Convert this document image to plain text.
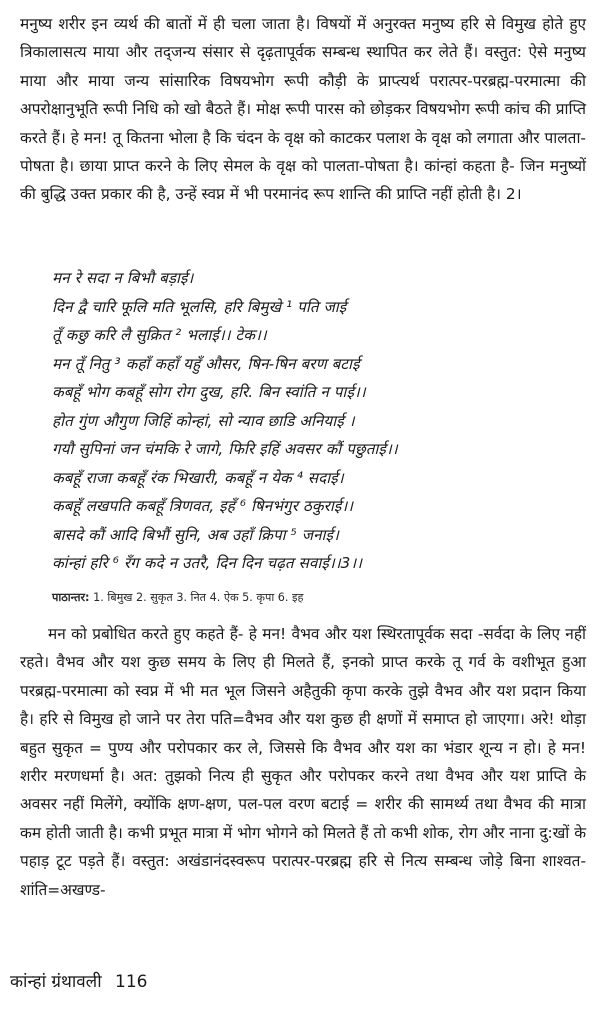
मनुष्य शरीर इन व्यर्थ की बातों में ही चला जाता है। विषयों में अनुरक्त मनुष्य हरि से विमुख होते हुए त्रिकालासत्य माया और तद्जन्य संसार से दृढ़तापूर्वक सम्बन्ध स्थापित कर लेते हैं। वस्तुत: ऐसे मनुष्य माया और माया जन्य सांसारिक विषयभोग रूपी कौड़ी के प्राप्त्यर्थ परात्पर-परब्रह्म-परमात्मा की अपरोक्षानुभूति रूपी निधि को खो बैठते हैं। मोक्ष रूपी पारस को छोड़कर विषयभोग रूपी कांच की प्राप्ति करते हैं। हे मन! तू कितना भोला है कि चंदन के वृक्ष को काटकर पलाश के वृक्ष को लगाता और पालता-पोषता है। छाया प्राप्त करने के लिए सेमल के वृक्ष को पालता-पोषता है। कांन्हां कहता है- जिन मनुष्यों की बुद्धि उक्त प्रकार की है, उन्हें स्वप्न में भी परमानंद रूप शान्ति की प्राप्ति नहीं होती है। 2।

मन रे सदा न बिभौ बड़ाई।
दिन द्वै चारि फूलि मति भूलसि, हरि बिमुखे ¹ पति जाई
तूँ कछु करि लै सुक्रित ² भलाई।। टेक।।
मन तूँ नितु ³ कहाँ कहाँ यहुँ औसर, षिन-षिन बरण बटाई
कबहूँ भोग कबहूँ सोग रोग दुख, हरि. बिन स्वांति न पाई।।
होत गुंण औगुण जिहिं कोन्हां, सो न्याव छाडि अनियाई ।
गयौ सुपिनां जन चंमकि रे जागे, फिरि इहिं अवसर कौं पछुताई।।
कबहूँ राजा कबहूँ रंक भिखारी, कबहूँ न येक ⁴ सदाई।
कबहूँ लखपति कबहूँ त्रिणवत, इहँ ⁶ षिनभंगुर ठकुराई।।
बासदे कौं आदि बिभौं सुनि, अब उहाँ क्रिपा ⁵ जनाई।
कांन्हां हरि ⁶ रँग कदे न उतरै, दिन दिन चढ़त सवाई।।3।।
पाठान्तर: 1. बिमुख 2. सुकृत 3. नित 4. ऐक 5. कृपा 6. इह

मन को प्रबोधित करते हुए कहते हैं- हे मन! वैभव और यश स्थिरतापूर्वक सदा -सर्वदा के लिए नहीं रहते। वैभव और यश कुछ समय के लिए ही मिलते हैं, इनको प्राप्त करके तू गर्व के वशीभूत हुआ परब्रह्म-परमात्मा को स्वप्न में भी मत भूल जिसने अहैतुकी कृपा करके तुझे वैभव और यश प्रदान किया है। हरि से विमुख हो जाने पर तेरा पति=वैभव और यश कुछ ही क्षणों में समाप्त हो जाएगा। अरे! थोड़ा बहुत सुकृत = पुण्य और परोपकार कर ले, जिससे कि वैभव और यश का भंडार शून्य न हो। हे मन! शरीर मरणधर्मा है। अत: तुझको नित्य ही सुकृत और परोपकर करने तथा वैभव और यश प्राप्ति के अवसर नहीं मिलेंगे, क्योंकि क्षण-क्षण, पल-पल वरण बटाई = शरीर की सामर्थ्य तथा वैभव की मात्रा कम होती जाती है। कभी प्रभूत मात्रा में भोग भोगने को मिलते हैं तो कभी शोक, रोग और नाना दु:खों के पहाड़ टूट पड़ते हैं। वस्तुत: अखंडानंदस्वरूप परात्पर-परब्रह्म हरि से नित्य सम्बन्ध जोड़े बिना शाश्वत-शांति=अखण्ड-

कांन्हां ग्रंथावली 116
